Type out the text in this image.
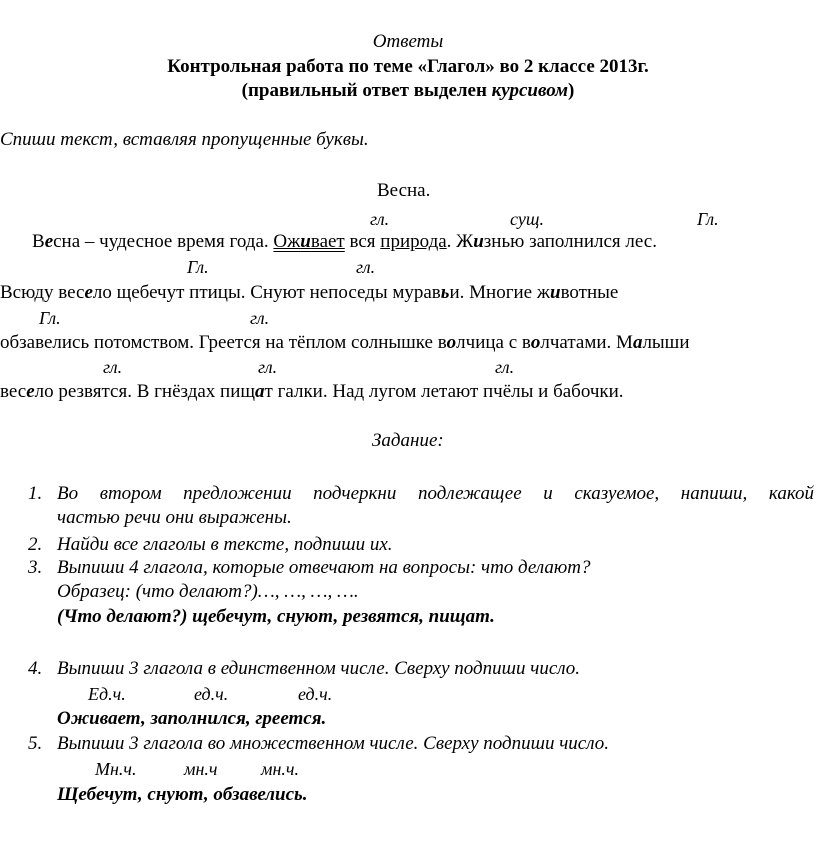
Ответы
Контрольная работа по теме «Глагол» во 2 классе 2013г.
(правильный ответ выделен курсивом)
Спиши текст, вставляя пропущенные буквы.
Весна.
гл.	сущ.	Гл.
Весна – чудесное время года. Оживает вся природа. Жизнью заполнился лес.
Гл.	гл.
Всюду весело щебечут птицы. Снуют непоседы муравьи. Многие животные
Гл.	гл.
обзавелись потомством. Греется на тёплом солнышке волчица с волчатами. Малыши
гл.	гл.	гл.
весело резвятся. В гнёздах пищат галки. Над лугом летают пчёлы и бабочки.
Задание:
1. Во втором предложении подчеркни подлежащее и сказуемое, напиши, какой
частью речи они выражены.
2. Найди все глаголы в тексте, подпиши их.
3. Выпиши 4 глагола, которые отвечают на вопросы: что делают?
Образец: (что делают?)…, …, …, ….
(Что делают?) щебечут, снуют, резвятся, пищат.
4. Выпиши 3 глагола в единственном числе. Сверху подпиши число.
Ед.ч.	ед.ч.	ед.ч.
Оживает, заполнился, греется.
5. Выпиши 3 глагола во множественном числе. Сверху подпиши число.
Мн.ч.	мн.ч мн.ч.
Щебечут, снуют, обзавелись.
